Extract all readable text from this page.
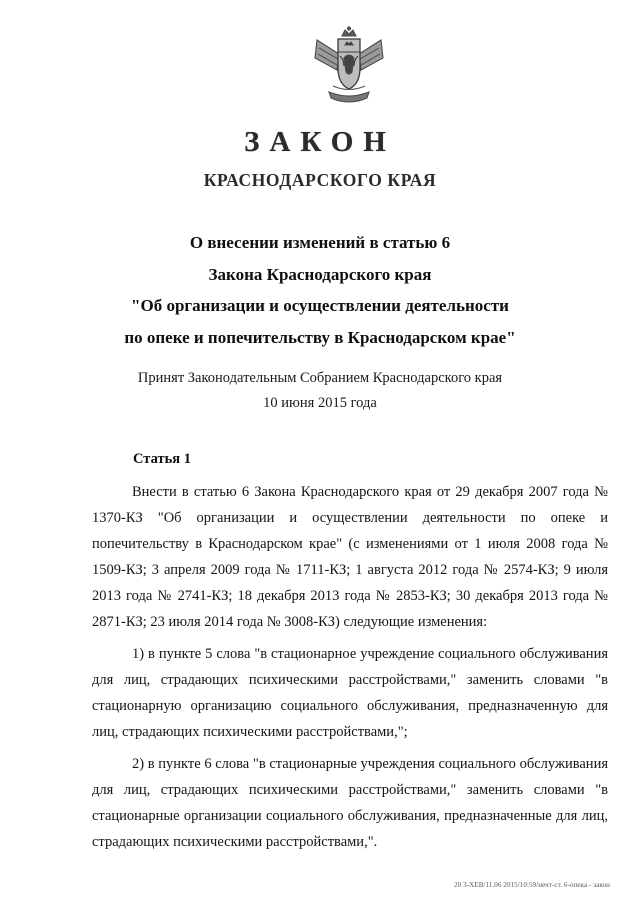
ЗАКОН
КРАСНОДАРСКОГО КРАЯ
О внесении изменений в статью 6
Закона Краснодарского края
"Об организации и осуществлении деятельности
по опеке и попечительству в Краснодарском крае"
Принят Законодательным Собранием Краснодарского края
10 июня 2015 года
Статья 1

Внести в статью 6 Закона Краснодарского края от 29 декабря 2007 года № 1370-КЗ "Об организации и осуществлении деятельности по опеке и попечительству в Краснодарском крае" (с изменениями от 1 июля 2008 года № 1509-КЗ; 3 апреля 2009 года № 1711-КЗ; 1 августа 2012 года № 2574-КЗ; 9 июля 2013 года № 2741-КЗ; 18 декабря 2013 года № 2853-КЗ; 30 декабря 2013 года № 2871-КЗ; 23 июля 2014 года № 3008-КЗ) следующие изменения:

1) в пункте 5 слова "в стационарное учреждение социального обслуживания для лиц, страдающих психическими расстройствами," заменить словами "в стационарную организацию социального обслуживания, предназначенную для лиц, страдающих психическими расстройствами,";

2) в пункте 6 слова "в стационарные учреждения социального обслуживания для лиц, страдающих психическими расстройствами," заменить словами "в стационарные организации социального обслуживания, предназначенные для лиц, страдающих психическими расстройствами,".

20 3-XEB/11.06 2015/10:59/нечт-ст. 6-опека - закон
